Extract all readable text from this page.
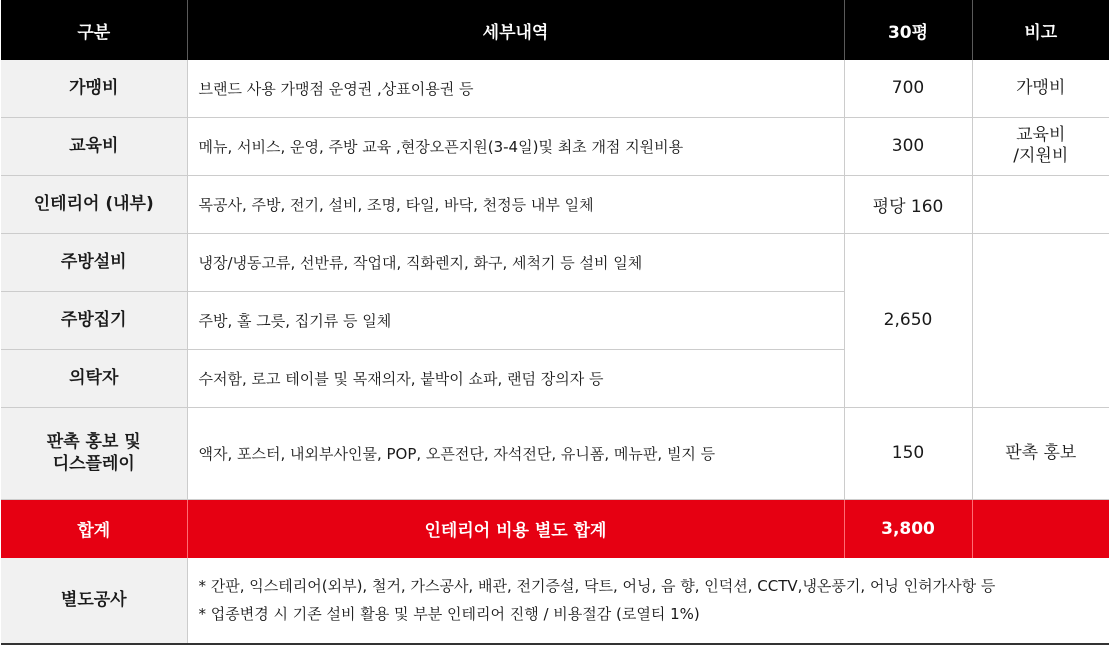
구분	세부내역	30평	비고
가맹비	브랜드 사용 가맹점 운영권 ,상표이용권 등	700	가맹비
교육비	메뉴, 서비스, 운영, 주방 교육 ,현장오픈지원(3-4일)및 최초 개점 지원비용	300	교육비
/지원비

인테리어 (내부)	목공사, 주방, 전기, 설비, 조명, 타일, 바닥, 천정등 내부 일체	평당 160	
주방설비	냉장/냉동고류, 선반류, 작업대, 직화렌지, 화구, 세척기 등 설비 일체	2,650	
주방집기	주방, 홀 그릇, 집기류 등 일체		
의탁자	수저함, 로고 테이블 및 목재의자, 붙박이 쇼파, 랜덤 장의자 등		

판촉 홍보 및
디스플레이	액자, 포스터, 내외부사인물, POP, 오픈전단, 자석전단, 유니폼, 메뉴판, 빌지 등	150	판촉 홍보
합계	인테리어 비용 별도 합계	3,800	
별도공사	* 간판, 익스테리어(외부), 철거, 가스공사, 배관, 전기증설, 닥트, 어닝, 음 향, 인덕션, CCTV,냉온풍기, 어닝 인허가사항 등
* 업종변경 시 기존 설비 활용 및 부분 인테리어 진행 / 비용절감 (로열티 1%)		
